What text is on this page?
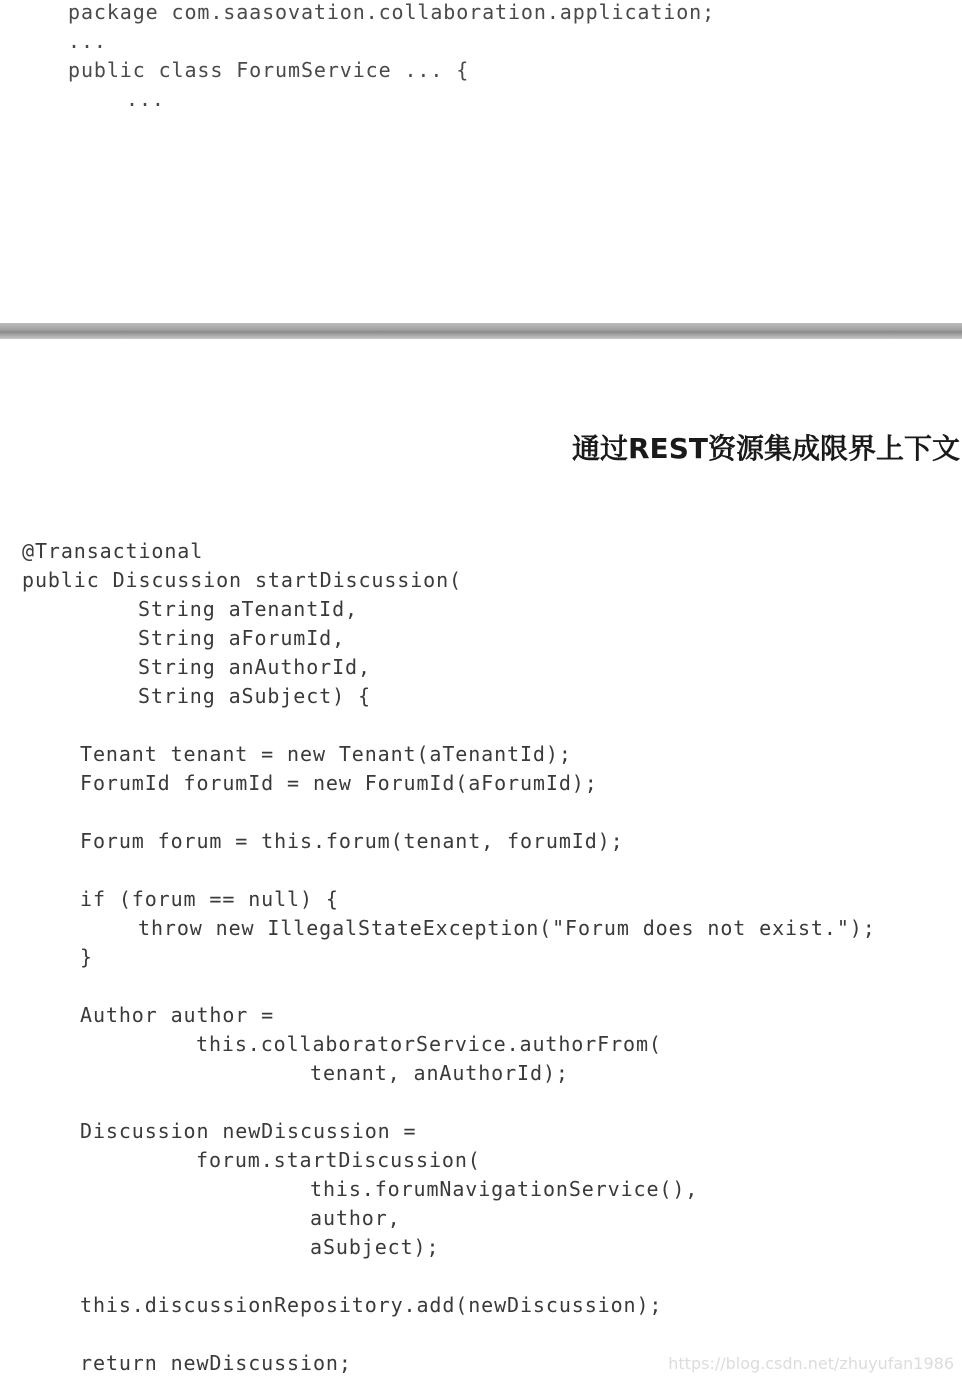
package com.saasovation.collaboration.application;
...
public class ForumService ... {
...
通过REST资源集成限界上下文
@Transactional
public Discussion startDiscussion(
String aTenantId,
String aForumId,
String anAuthorId,
String aSubject) {
Tenant tenant = new Tenant(aTenantId);
ForumId forumId = new ForumId(aForumId);
Forum forum = this.forum(tenant, forumId);
if (forum == null) {
throw new IllegalStateException("Forum does not exist.");
}
Author author =
this.collaboratorService.authorFrom(
tenant, anAuthorId);
Discussion newDiscussion =
forum.startDiscussion(
this.forumNavigationService(),
author,
aSubject);
this.discussionRepository.add(newDiscussion);
return newDiscussion;	https://blog.csdn.net/zhuyufan1986
